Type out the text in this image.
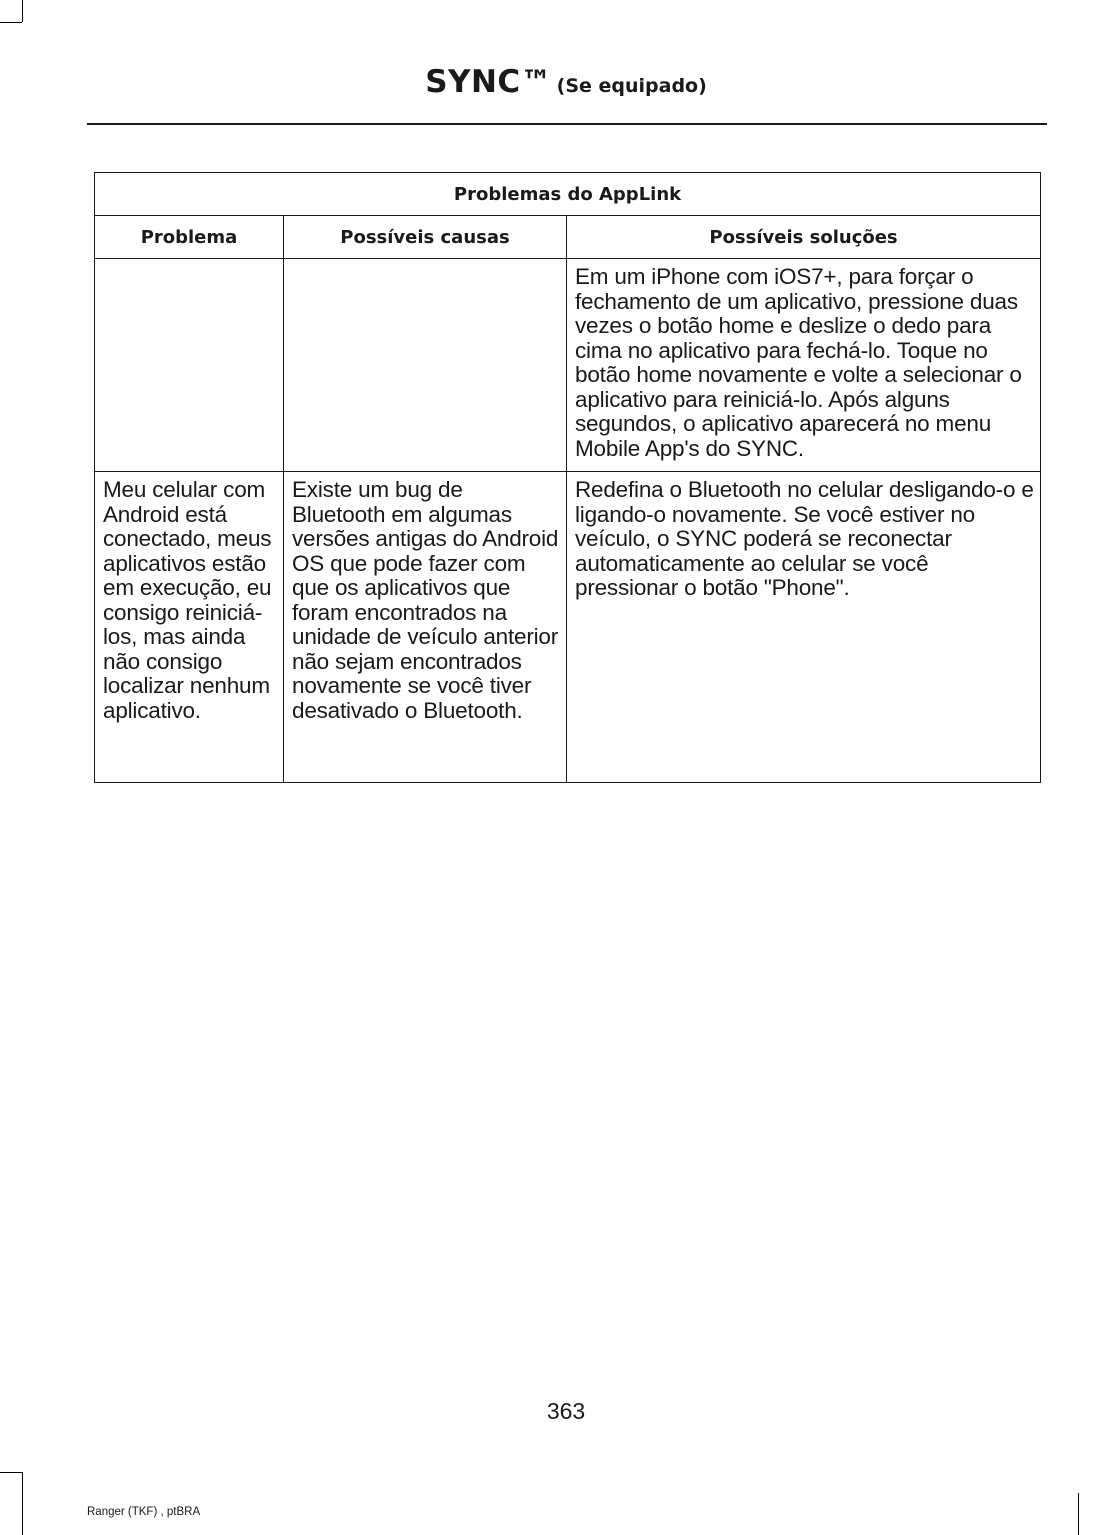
SYNC™ (Se equipado)
Problemas do AppLink		
Problema	Possíveis causas	Possíveis soluções
		Em um iPhone com iOS7+, para forçar o fechamento de um aplicativo, pressione duas vezes o botão home e deslize o dedo para cima no aplicativo para fechá-lo. Toque no botão home novamente e volte a selecionar o aplicativo para reiniciá-lo. Após alguns segundos, o aplicativo aparecerá no menu Mobile App's do SYNC.
Meu celular com Android está conectado, meus aplicativos estão em execução, eu consigo reiniciá-los, mas ainda não consigo localizar nenhum aplicativo.	Existe um bug de Bluetooth em algumas versões antigas do Android OS que pode fazer com que os aplicativos que foram encontrados na unidade de veículo anterior não sejam encontrados novamente se você tiver desativado o Bluetooth.	Redefina o Bluetooth no celular desligando-o e ligando-o novamente. Se você estiver no veículo, o SYNC poderá se reconectar automaticamente ao celular se você pressionar o botão "Phone".
363
Ranger (TKF) , ptBRA
